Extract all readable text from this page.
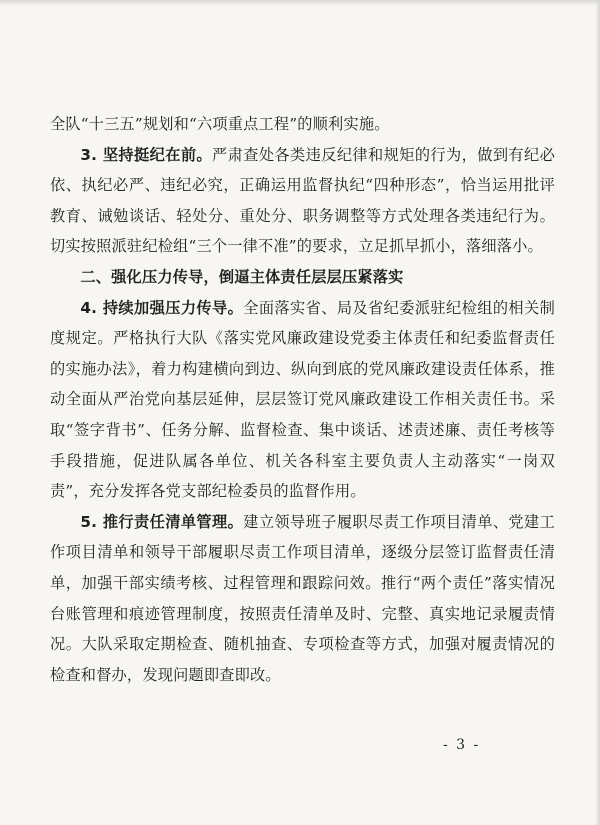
全队“十三五”规划和“六项重点工程”的顺利实施。

3. 坚持挺纪在前。严肃查处各类违反纪律和规矩的行为，做到有纪必依、执纪必严、违纪必究，正确运用监督执纪“四种形态”，恰当运用批评教育、诫勉谈话、轻处分、重处分、职务调整等方式处理各类违纪行为。切实按照派驻纪检组“三个一律不准”的要求，立足抓早抓小，落细落小。

二、强化压力传导，倒逼主体责任层层压紧落实

4. 持续加强压力传导。全面落实省、局及省纪委派驻纪检组的相关制度规定。严格执行大队《落实党风廉政建设党委主体责任和纪委监督责任的实施办法》，着力构建横向到边、纵向到底的党风廉政建设责任体系，推动全面从严治党向基层延伸，层层签订党风廉政建设工作相关责任书。采取“签字背书”、任务分解、监督检查、集中谈话、述责述廉、责任考核等手段措施，促进队属各单位、机关各科室主要负责人主动落实“一岗双责”，充分发挥各党支部纪检委员的监督作用。

5. 推行责任清单管理。建立领导班子履职尽责工作项目清单、党建工作项目清单和领导干部履职尽责工作项目清单，逐级分层签订监督责任清单，加强干部实绩考核、过程管理和跟踪问效。推行“两个责任”落实情况台账管理和痕迹管理制度，按照责任清单及时、完整、真实地记录履责情况。大队采取定期检查、随机抽查、专项检查等方式，加强对履责情况的检查和督办，发现问题即查即改。

- 3 -
